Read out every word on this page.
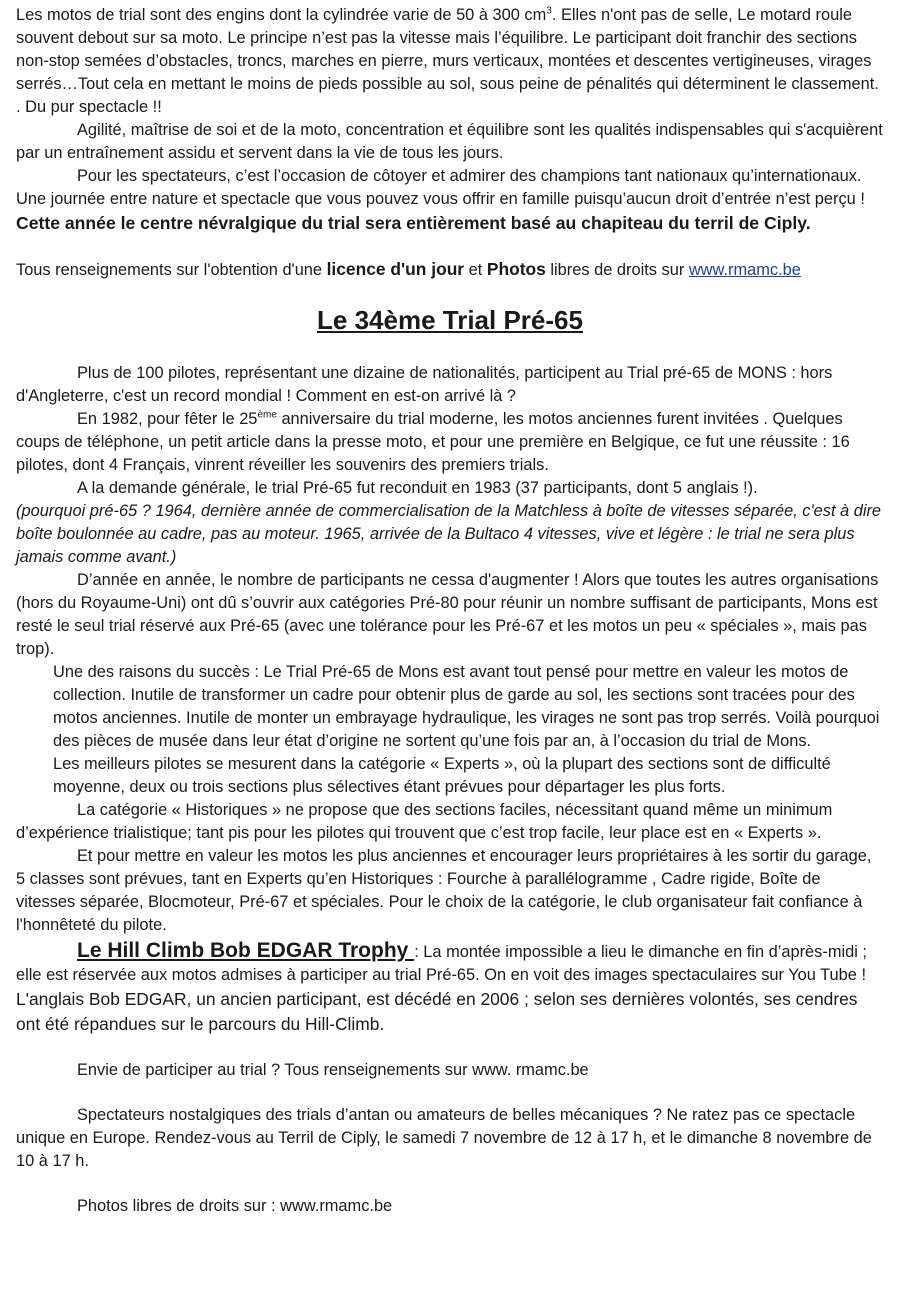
Les motos de trial sont des engins dont la cylindrée varie de 50 à 300 $cm^3$. Elles n'ont pas de selle, Le motard roule souvent debout sur sa moto. Le principe n’est pas la vitesse mais l’équilibre. Le participant doit franchir des sections non-stop semées d’obstacles, troncs, marches en pierre, murs verticaux, montées et descentes vertigineuses, virages serrés…Tout cela en mettant le moins de pieds possible au sol, sous peine de pénalités qui déterminent le classement. . Du pur spectacle !!

Agilité, maîtrise de soi et de la moto, concentration et équilibre sont les qualités indispensables qui s'acquièrent par un entraînement assidu et servent dans la vie de tous les jours.

Pour les spectateurs, c’est l’occasion de côtoyer et admirer des champions tant nationaux qu’internationaux. Une journée entre nature et spectacle que vous pouvez vous offrir en famille puisqu’aucun droit d’entrée n’est perçu !

Cette année le centre névralgique du trial sera entièrement basé au chapiteau du terril de Ciply.

Tous renseignements sur l'obtention d'une licence d'un jour et Photos libres de droits sur www.rmamc.be

Le 34ème Trial Pré-65

Plus de 100 pilotes, représentant une dizaine de nationalités, participent au Trial pré-65 de MONS : hors d'Angleterre, c'est un record mondial ! Comment en est-on arrivé là ?

En 1982, pour fêter le 25ème anniversaire du trial moderne, les motos anciennes furent invitées . Quelques coups de téléphone, un petit article dans la presse moto, et pour une première en Belgique, ce fut une réussite : 16 pilotes, dont 4 Français, vinrent réveiller les souvenirs des premiers trials.

A la demande générale, le trial Pré-65 fut reconduit en 1983 (37 participants, dont 5 anglais !).

(pourquoi pré-65 ? 1964, dernière année de commercialisation de la Matchless à boîte de vitesses séparée, c'est à dire boîte boulonnée au cadre, pas au moteur. 1965, arrivée de la Bultaco 4 vitesses, vive et légère : le trial ne sera plus jamais comme avant.)

D’année en année, le nombre de participants ne cessa d'augmenter ! Alors que toutes les autres organisations (hors du Royaume-Uni) ont dû s’ouvrir aux catégories Pré-80 pour réunir un nombre suffisant de participants, Mons est resté le seul trial réservé aux Pré-65 (avec une tolérance pour les Pré-67 et les motos un peu « spéciales », mais pas trop).

Une des raisons du succès : Le Trial Pré-65 de Mons est avant tout pensé pour mettre en valeur les motos de collection. Inutile de transformer un cadre pour obtenir plus de garde au sol, les sections sont tracées pour des motos anciennes. Inutile de monter un embrayage hydraulique, les virages ne sont pas trop serrés. Voilà pourquoi des pièces de musée dans leur état d’origine ne sortent qu’une fois par an, à l’occasion du trial de Mons.

Les meilleurs pilotes se mesurent dans la catégorie « Experts », où la plupart des sections sont de difficulté moyenne, deux ou trois sections plus sélectives étant prévues pour départager les plus forts.

La catégorie « Historiques » ne propose que des sections faciles, nécessitant quand même un minimum d’expérience trialistique; tant pis pour les pilotes qui trouvent que c’est trop facile, leur place est en « Experts ».

Et pour mettre en valeur les motos les plus anciennes et encourager leurs propriétaires à les sortir du garage, 5 classes sont prévues, tant en Experts qu’en Historiques : Fourche à parallélogramme , Cadre rigide, Boîte de vitesses séparée, Blocmoteur, Pré-67 et spéciales. Pour le choix de la catégorie, le club organisateur fait confiance à l'honnêteté du pilote.

Le Hill Climb Bob EDGAR Trophy : La montée impossible a lieu le dimanche en fin d’après-midi ; elle est réservée aux motos admises à participer au trial Pré-65. On en voit des images spectaculaires sur You Tube ! L'anglais Bob EDGAR, un ancien participant, est décédé en 2006 ; selon ses dernières volontés, ses cendres ont été répandues sur le parcours du Hill-Climb.

Envie de participer au trial ? Tous renseignements sur www. rmamc.be

Spectateurs nostalgiques des trials d’antan ou amateurs de belles mécaniques ? Ne ratez pas ce spectacle unique en Europe. Rendez-vous au Terril de Ciply, le samedi 7 novembre de 12 à 17 h, et le dimanche 8 novembre de 10 à 17 h.

Photos libres de droits sur : www.rmamc.be
